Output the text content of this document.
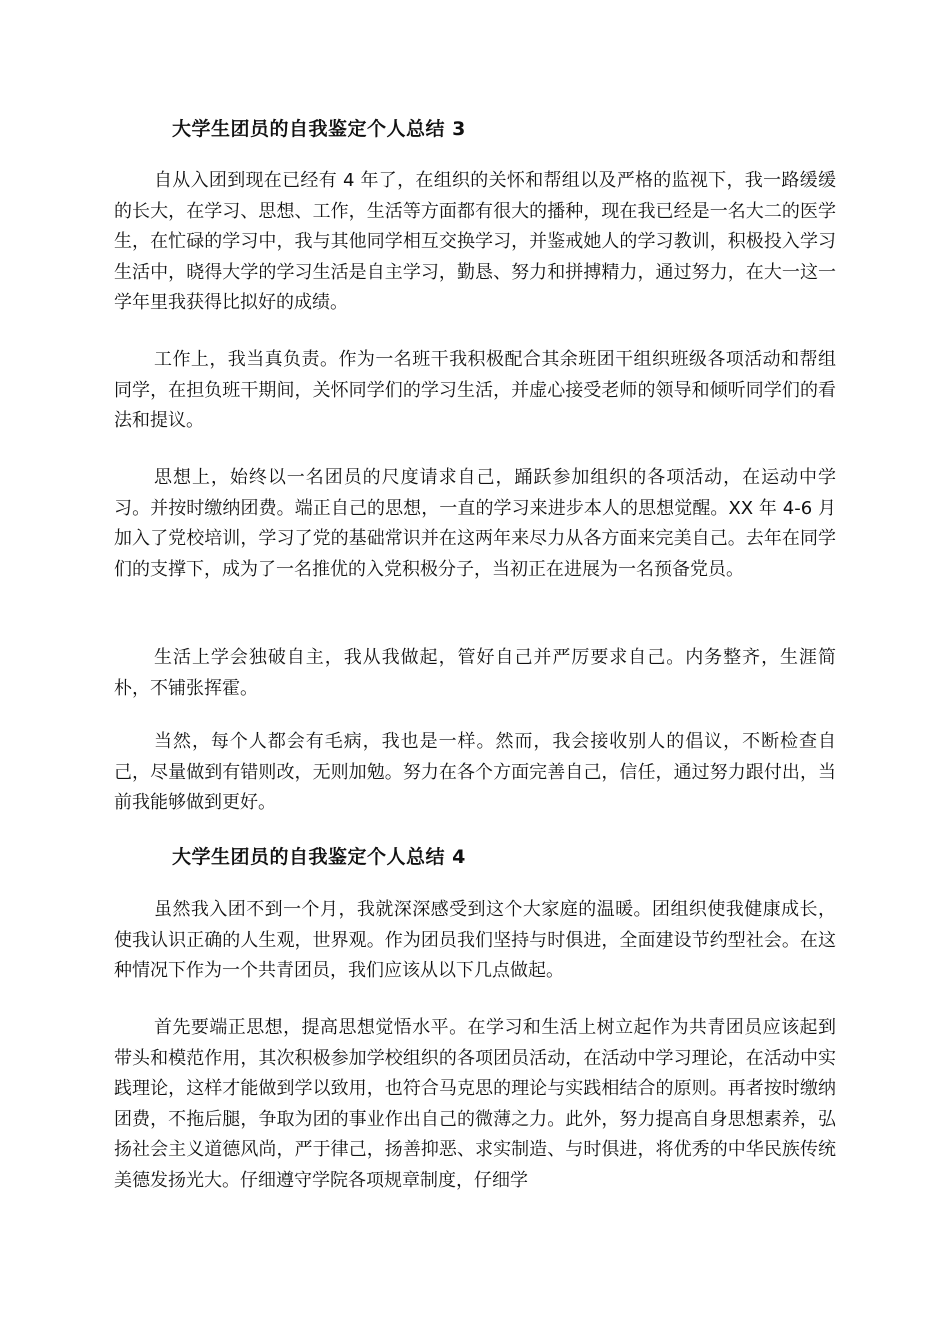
大学生团员的自我鉴定个人总结 3

自从入团到现在已经有 4 年了，在组织的关怀和帮组以及严格的监视下，我一路缓缓的长大，在学习、思想、工作，生活等方面都有很大的播种，现在我已经是一名大二的医学生，在忙碌的学习中，我与其他同学相互交换学习，并鉴戒她人的学习教训，积极投入学习生活中，晓得大学的学习生活是自主学习，勤恳、努力和拼搏精力，通过努力，在大一这一学年里我获得比拟好的成绩。

工作上，我当真负责。作为一名班干我积极配合其余班团干组织班级各项活动和帮组同学，在担负班干期间，关怀同学们的学习生活，并虚心接受老师的领导和倾听同学们的看法和提议。

思想上，始终以一名团员的尺度请求自己，踊跃参加组织的各项活动，在运动中学习。并按时缴纳团费。端正自己的思想，一直的学习来进步本人的思想觉醒。XX 年 4-6 月加入了党校培训，学习了党的基础常识并在这两年来尽力从各方面来完美自己。去年在同学们的支撑下，成为了一名推优的入党积极分子，当初正在进展为一名预备党员。

生活上学会独破自主，我从我做起，管好自己并严厉要求自己。内务整齐，生涯简朴，不铺张挥霍。

当然，每个人都会有毛病，我也是一样。然而，我会接收别人的倡议，不断检查自己，尽量做到有错则改，无则加勉。努力在各个方面完善自己，信任，通过努力跟付出，当前我能够做到更好。

大学生团员的自我鉴定个人总结 4

虽然我入团不到一个月，我就深深感受到这个大家庭的温暖。团组织使我健康成长，使我认识正确的人生观，世界观。作为团员我们坚持与时俱进，全面建设节约型社会。在这种情况下作为一个共青团员，我们应该从以下几点做起。

首先要端正思想，提高思想觉悟水平。在学习和生活上树立起作为共青团员应该起到带头和模范作用，其次积极参加学校组织的各项团员活动，在活动中学习理论，在活动中实践理论，这样才能做到学以致用，也符合马克思的理论与实践相结合的原则。再者按时缴纳团费，不拖后腿，争取为团的事业作出自己的微薄之力。此外，努力提高自身思想素养，弘扬社会主义道德风尚，严于律己，扬善抑恶、求实制造、与时俱进，将优秀的中华民族传统美德发扬光大。仔细遵守学院各项规章制度，仔细学
